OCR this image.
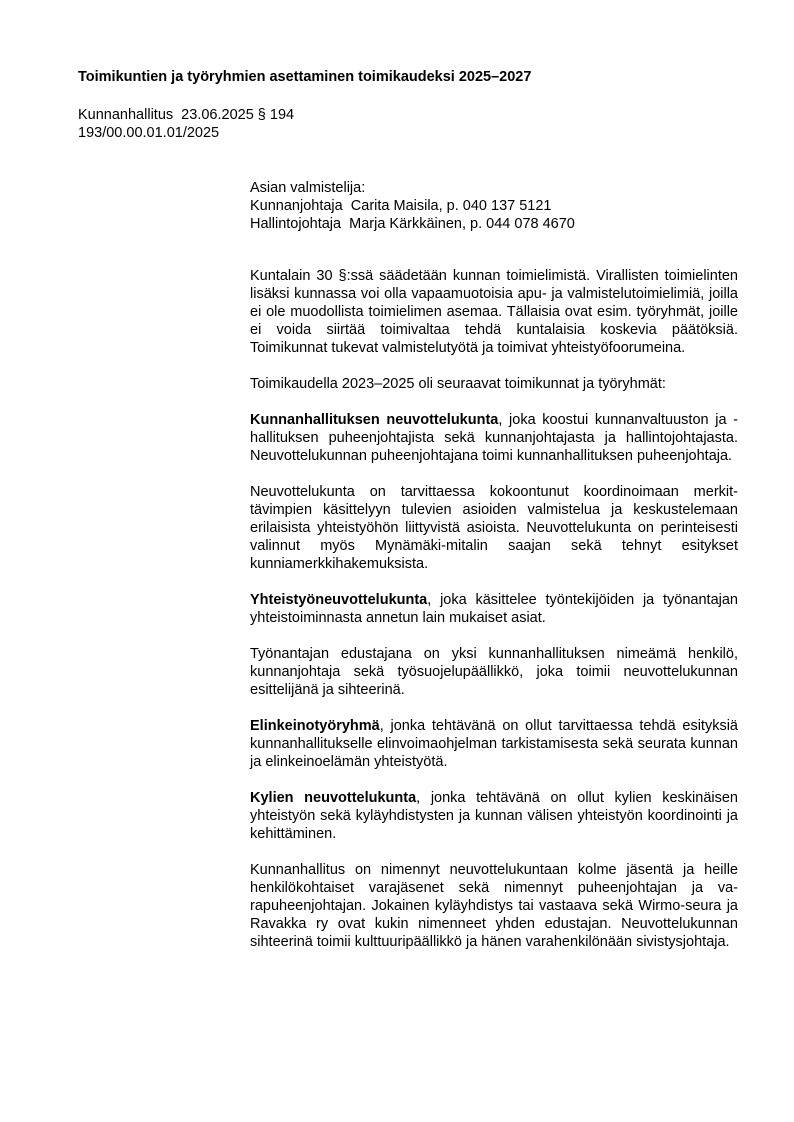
Toimikuntien ja työryhmien asettaminen toimikaudeksi 2025–2027
Kunnanhallitus  23.06.2025 § 194
193/00.00.01.01/2025
Asian valmistelija:
Kunnanjohtaja  Carita Maisila, p. 040 137 5121
Hallintojohtaja  Marja Kärkkäinen, p. 044 078 4670

Kuntalain 30 §:ssä säädetään kunnan toimielimistä. Virallisten toimielinten lisäksi kunnassa voi olla vapaamuotoisia apu- ja valmistelutoimielimiä, joilla ei ole muodollista toimielimen asemaa. Tällaisia ovat esim. työryhmät, joille ei voida siirtää toimivaltaa tehdä kuntalaisia koskevia päätöksiä. Toimikunnat tukevat valmistelutyötä ja toimivat yhteistyöfoorumeina.

Toimikaudella 2023–2025 oli seuraavat toimikunnat ja työryhmät:

Kunnanhallituksen neuvottelukunta, joka koostui kunnanvaltuuston ja -hallituksen puheenjohtajista sekä kunnanjohtajasta ja hallintojohtajasta. Neuvottelukunnan puheenjohtajana toimi kunnanhallituksen puheenjohtaja.

Neuvottelukunta on tarvittaessa kokoontunut koordinoimaan merkittävimpien käsittelyyn tulevien asioiden valmistelua ja keskustelemaan erilaisista yhteistyöhön liittyvistä asioista. Neuvottelukunta on perinteisesti valinnut myös Mynämäki-mitalin saajan sekä tehnyt esitykset kunniamerkkihakemuksista.

Yhteistyöneuvottelukunta, joka käsittelee työntekijöiden ja työnantajan yhteistoiminnasta annetun lain mukaiset asiat.

Työnantajan edustajana on yksi kunnanhallituksen nimeämä henkilö, kunnanjohtaja sekä työsuojelupäällikkö, joka toimii neuvottelukunnan esittelijänä ja sihteerinä.

Elinkeinotyöryhmä, jonka tehtävänä on ollut tarvittaessa tehdä esityksiä kunnanhallitukselle elinvoimaohjelman tarkistamisesta sekä seurata kunnan ja elinkeinoelämän yhteistyötä.

Kylien neuvottelukunta, jonka tehtävänä on ollut kylien keskinäisen yhteistyön sekä kyläyhdistysten ja kunnan välisen yhteistyön koordinointi ja kehittäminen.

Kunnanhallitus on nimennyt neuvottelukuntaan kolme jäsentä ja heille henkilökohtaiset varajäsenet sekä nimennyt puheenjohtajan ja varapuheenjohtajan. Jokainen kyläyhdistys tai vastaava sekä Wirmo-seura ja Ravakka ry ovat kukin nimenneet yhden edustajan. Neuvottelukunnan sihteerinä toimii kulttuuripäällikkö ja hänen varahenkilönään sivistysjohtaja.
